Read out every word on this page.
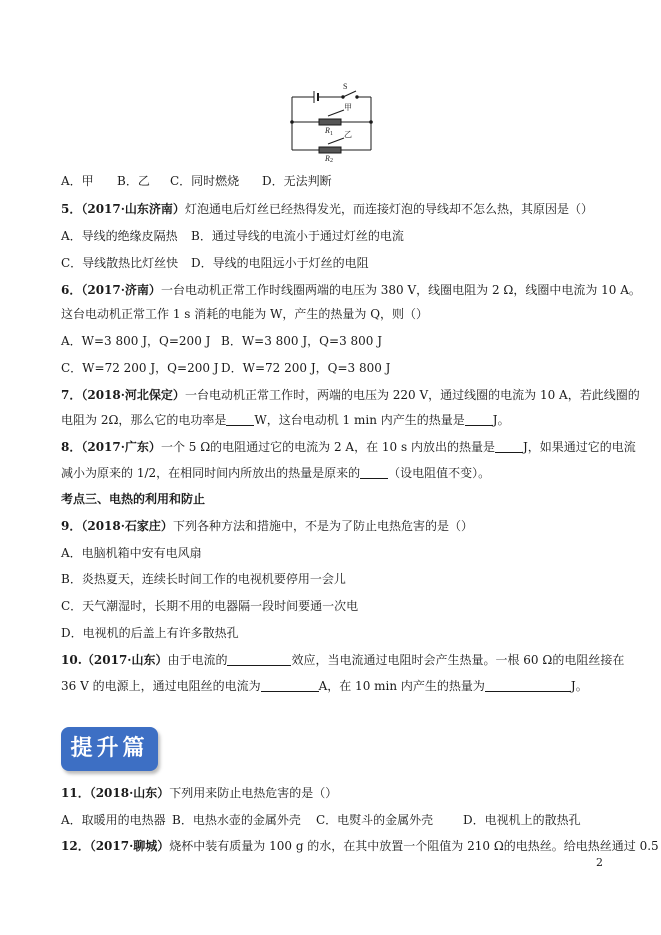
S
甲
乙
R 1
R 2
A．甲 B．乙 C．同时燃烧 D．无法判断
5．（2017·山东济南）灯泡通电后灯丝已经热得发光，而连接灯泡的导线却不怎么热，其原因是（）
A．导线的绝缘皮隔热 B．通过导线的电流小于通过灯丝的电流
C．导线散热比灯丝快 D．导线的电阻远小于灯丝的电阻
6．（2017·济南）一台电动机正常工作时线圈两端的电压为 380 V，线圈电阻为 2 Ω，线圈中电流为 10 A。
这台电动机正常工作 1 s 消耗的电能为 W，产生的热量为 Q，则（）
A．W=3 800 J，Q=200 J B．W=3 800 J，Q=3 800 J
C．W=72 200 J，Q=200 J D．W=72 200 J，Q=3 800 J
7．（2018·河北保定）一台电动机正常工作时，两端的电压为 220 V，通过线圈的电流为 10 A，若此线圈的
电阻为 2Ω，那么它的电功率是 W，这台电动机 1 min 内产生的热量是 J。
8．（2017·广东）一个 5 Ω的电阻通过它的电流为 2 A，在 10 s 内放出的热量是 J，如果通过它的电流
减小为原来的 1/2，在相同时间内所放出的热量是原来的 （设电阻值不变）。
考点三、电热的利用和防止
9．（2018·石家庄）下列各种方法和措施中，不是为了防止电热危害的是（）
A．电脑机箱中安有电风扇
B．炎热夏天，连续长时间工作的电视机要停用一会儿
C．天气潮湿时，长期不用的电器隔一段时间要通一次电
D．电视机的后盖上有许多散热孔
10.（2017·山东）由于电流的	效应，当电流通过电阻时会产生热量。一根 60 Ω的电阻丝接在
36 V 的电源上，通过电阻丝的电流为	A，在 10 min 内产生的热量为	J。
提升篇
11．（2018·山东）下列用来防止电热危害的是（）
A．取暖用的电热器 B．电热水壶的金属外壳 C．电熨斗的金属外壳 D．电视机上的散热孔
12．（2017·聊城）烧杯中装有质量为 100 g 的水，在其中放置一个阻值为 210 Ω的电热丝。给电热丝通过 0.5
2
